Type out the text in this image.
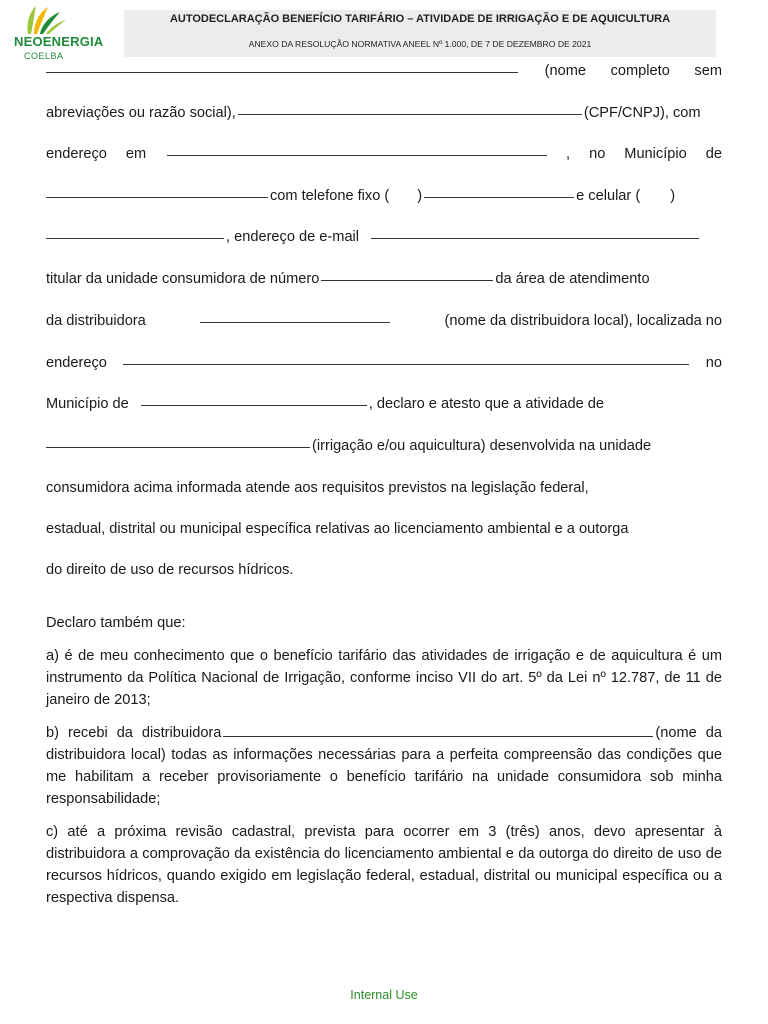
NEOENERGIA
COELBA
AUTODECLARAÇÃO BENEFÍCIO TARIFÁRIO – ATIVIDADE DE IRRIGAÇÃO E DE AQUICULTURA
ANEXO DA RESOLUÇÃO NORMATIVA ANEEL Nº 1.000, DE 7 DE DEZEMBRO DE 2021
(nome completo sem
abreviações ou razão social),	(CPF/CNPJ), com
endereço em	, no Município de
com telefone fixo ( )	e celular ( )
, endereço de e-mail
titular da unidade consumidora de número	da área de atendimento
da distribuidora	(nome da distribuidora local), localizada no
endereço	no
Município de	, declaro e atesto que a atividade de
(irrigação e/ou aquicultura) desenvolvida na unidade
consumidora acima informada atende aos requisitos previstos na legislação federal,
estadual, distrital ou municipal específica relativas ao licenciamento ambiental e a outorga
do direito de uso de recursos hídricos.
Declaro também que:
a) é de meu conhecimento que o benefício tarifário das atividades de irrigação e de aquicultura é um instrumento da Política Nacional de Irrigação, conforme inciso VII do art. 5º da Lei nº 12.787, de 11 de janeiro de 2013;
b) recebi da distribuidora	(nome da distribuidora local) todas as informações necessárias para a perfeita compreensão das condições que me habilitam a receber provisoriamente o benefício tarifário na unidade consumidora sob minha responsabilidade;
c) até a próxima revisão cadastral, prevista para ocorrer em 3 (três) anos, devo apresentar à distribuidora a comprovação da existência do licenciamento ambiental e da outorga do direito de uso de recursos hídricos, quando exigido em legislação federal, estadual, distrital ou municipal específica ou a respectiva dispensa.
Internal Use
